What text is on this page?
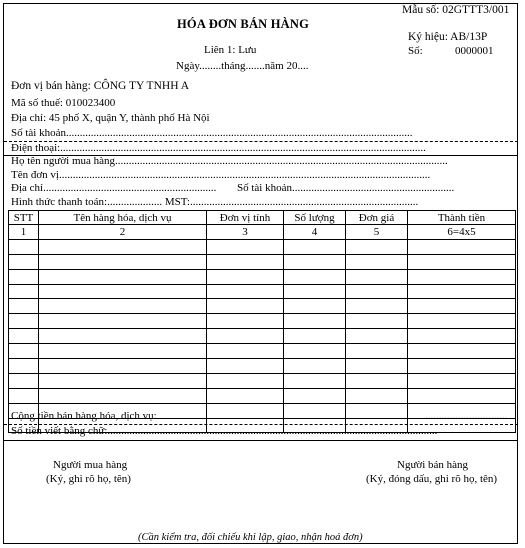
Mẫu số: 02GTTT3/001
HÓA ĐƠN BÁN HÀNG
Liên 1: Lưu
Ngày........tháng.......năm 20....
Ký hiệu: AB/13P
Số:	0000001
Đơn vị bán hàng: CÔNG TY TNHH A
Mã số thuế: 010023400
Địa chỉ: 45 phố X, quận Y, thành phố Hà Nội
Số tài khoản..............................................................................................................................
Điện thoại:.....................................................................................................................................
Họ tên người mua hàng.........................................................................................................................
Tên đơn vị.......................................................................................................................................
Địa chỉ............................................................... Số tài khoản...........................................................
Hình thức thanh toán:.................... MST:...................................................................................
STT	Tên hàng hóa, dịch vụ	Đơn vị tính	Số lượng	Đơn giá	Thành tiền
1	2	3	4	5	6=4x5

Cộng tiền bán hàng hóa, dịch vụ:	..............................
Số tiền viết bằng chữ:........................................................................................................................
Người mua hàng
(Ký, ghi rõ họ, tên)
Người bán hàng
(Ký, đóng dấu, ghi rõ họ, tên)
(Cần kiểm tra, đối chiếu khi lập, giao, nhận hoá đơn)
